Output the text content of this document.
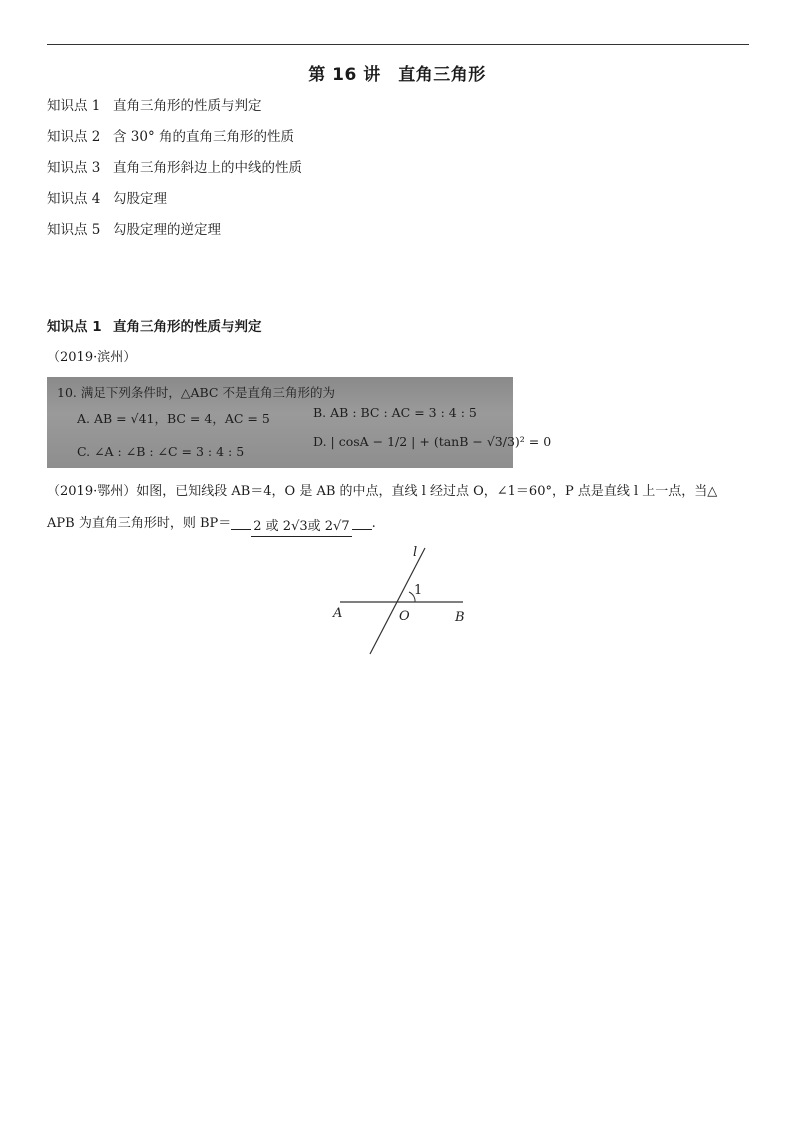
第 16 讲　直角三角形
知识点 1 直角三角形的性质与判定
知识点 2 含 30° 角的直角三角形的性质
知识点 3 直角三角形斜边上的中线的性质
知识点 4 勾股定理
知识点 5 勾股定理的逆定理
知识点 1 直角三角形的性质与判定
（2019·滨州）
10. 满足下列条件时，△ABC 不是直角三角形的为
A. AB = √41，BC = 4，AC = 5	B. AB : BC : AC = 3 : 4 : 5
C. ∠A : ∠B : ∠C = 3 : 4 : 5
D. | cosA − 1/2 | + (tanB − √3/3)² = 0
（2019·鄂州）如图，已知线段 AB＝4，O 是 AB 的中点，直线 l 经过点 O，∠1＝60°，P 点是直线 l 上一点，当△
APB 为直角三角形时，则 BP＝ 2 或 2√3或 2√7 .
l
1
A	O	B
